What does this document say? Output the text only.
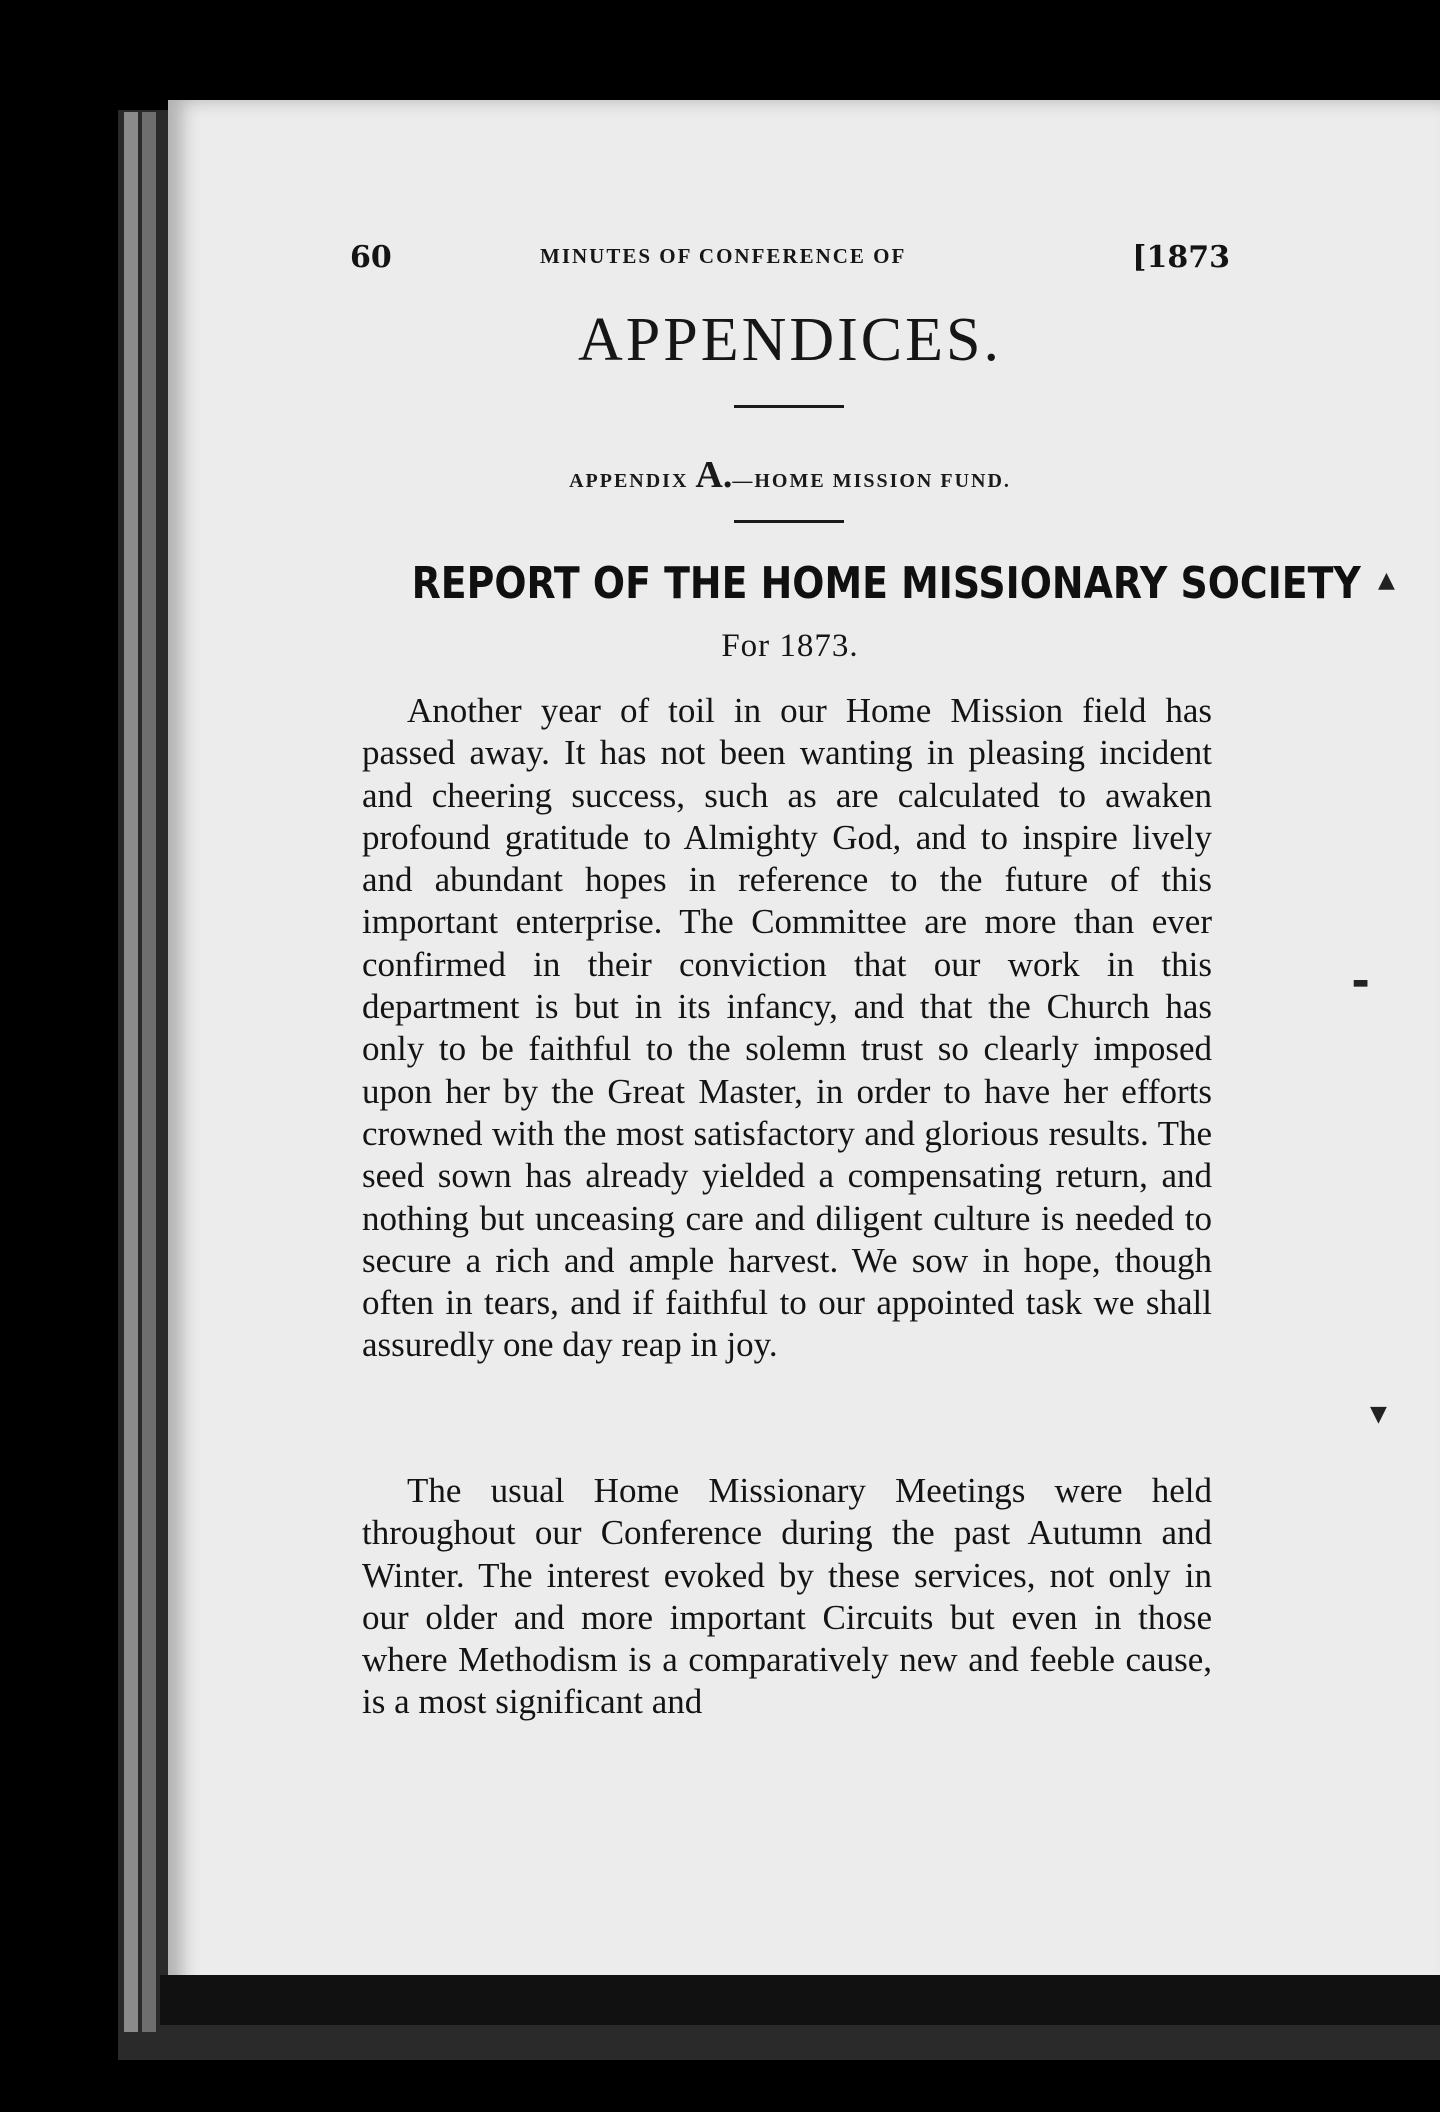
60	MINUTES OF CONFERENCE OF	[1873
APPENDICES.
APPENDIX A.—HOME MISSION FUND.
REPORT OF THE HOME MISSIONARY SOCIETY
For 1873.

Another year of toil in our Home Mission field has passed away. It has not been wanting in pleasing incident and cheering success, such as are calculated to awaken profound gratitude to Almighty God, and to inspire lively and abundant hopes in reference to the future of this important enterprise. The Committee are more than ever confirmed in their conviction that our work in this department is but in its infancy, and that the Church has only to be faithful to the solemn trust so clearly imposed upon her by the Great Master, in order to have her efforts crowned with the most satisfactory and glorious results. The seed sown has already yielded a compensating return, and nothing but unceasing care and diligent culture is needed to secure a rich and ample harvest. We sow in hope, though often in tears, and if faithful to our appointed task we shall assuredly one day reap in joy.

The usual Home Missionary Meetings were held throughout our Conference during the past Autumn and Winter. The interest evoked by these services, not only in our older and more important Circuits but even in those where Methodism is a comparatively new and feeble cause, is a most significant and

▲
▬
▼
